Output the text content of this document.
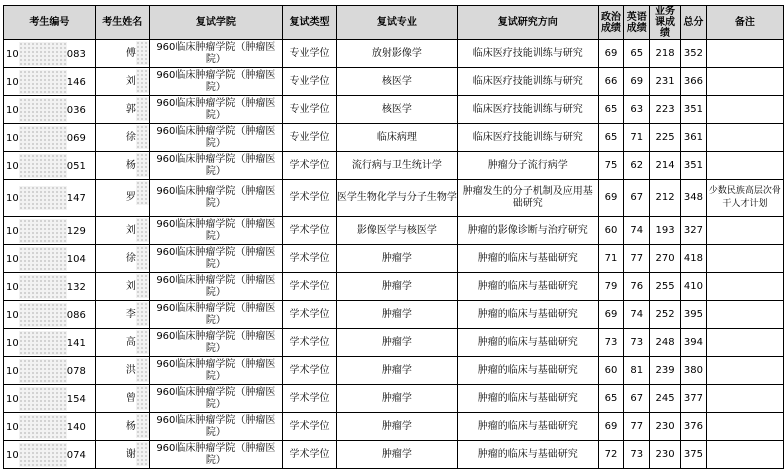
考生编号	考生姓名	复试学院	复试类型	复试专业	复试研究方向	政治成绩	英语成绩	业务课成绩	总分	备注
10 083	傅	960临床肿瘤学院（肿瘤医院）	专业学位	放射影像学	临床医疗技能训练与研究	69	65	218	352	
10 146	刘	960临床肿瘤学院（肿瘤医院）	专业学位	核医学	临床医疗技能训练与研究	66	69	231	366	
10 036	郭	960临床肿瘤学院（肿瘤医院）	专业学位	核医学	临床医疗技能训练与研究	65	63	223	351	
10 069	徐	960临床肿瘤学院（肿瘤医院）	专业学位	临床病理	临床医疗技能训练与研究	65	71	225	361	
10 051	杨	960临床肿瘤学院（肿瘤医院）	学术学位	流行病与卫生统计学	肿瘤分子流行病学	75	62	214	351	
10 147	罗	960临床肿瘤学院（肿瘤医院）	学术学位	医学生物化学与分子生物学	肿瘤发生的分子机制及应用基础研究	69	67	212	348	少数民族高层次骨干人才计划
10 129	刘	960临床肿瘤学院（肿瘤医院）	学术学位	影像医学与核医学	肿瘤的影像诊断与治疗研究	60	74	193	327	
10 104	徐	960临床肿瘤学院（肿瘤医院）	学术学位	肿瘤学	肿瘤的临床与基础研究	71	77	270	418	
10 132	刘	960临床肿瘤学院（肿瘤医院）	学术学位	肿瘤学	肿瘤的临床与基础研究	79	76	255	410	
10 086	李	960临床肿瘤学院（肿瘤医院）	学术学位	肿瘤学	肿瘤的临床与基础研究	69	74	252	395	
10 141	高	960临床肿瘤学院（肿瘤医院）	学术学位	肿瘤学	肿瘤的临床与基础研究	73	73	248	394	
10 078	洪	960临床肿瘤学院（肿瘤医院）	学术学位	肿瘤学	肿瘤的临床与基础研究	60	81	239	380	
10 154	曾	960临床肿瘤学院（肿瘤医院）	学术学位	肿瘤学	肿瘤的临床与基础研究	65	67	245	377	
10 140	杨	960临床肿瘤学院（肿瘤医院）	学术学位	肿瘤学	肿瘤的临床与基础研究	69	77	230	376	
10 074	谢	960临床肿瘤学院（肿瘤医院）	学术学位	肿瘤学	肿瘤的临床与基础研究	72	73	230	375	
